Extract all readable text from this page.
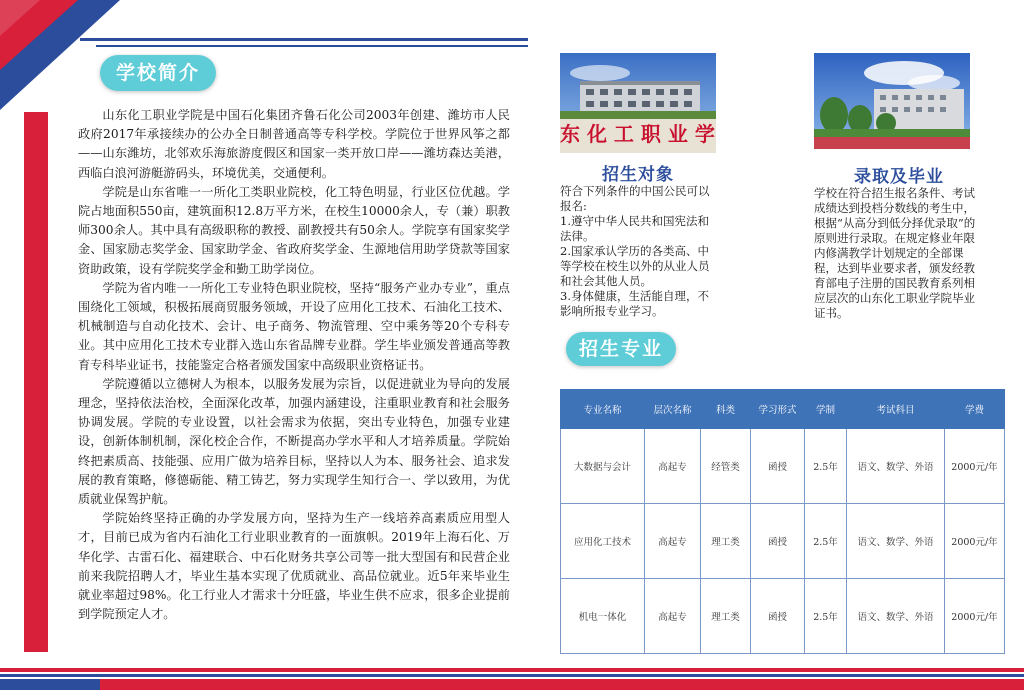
学校简介

山东化工职业学院是中国石化集团齐鲁石化公司2003年创建、潍坊市人民政府2017年承接续办的公办全日制普通高等专科学校。学院位于世界风筝之都——山东潍坊，北邻欢乐海旅游度假区和国家一类开放口岸——潍坊森达美港，西临白浪河游艇游码头，环境优美，交通便利。

学院是山东省唯一一所化工类职业院校，化工特色明显，行业区位优越。学院占地面积550亩，建筑面积12.8万平方米，在校生10000余人，专（兼）职教师300余人。其中具有高级职称的教授、副教授共有50余人。学院享有国家奖学金、国家励志奖学金、国家助学金、省政府奖学金、生源地信用助学贷款等国家资助政策，设有学院奖学金和勤工助学岗位。

学院为省内唯一一所化工专业特色职业院校，坚持“服务产业办专业”，重点围绕化工领域，积极拓展商贸服务领域，开设了应用化工技术、石油化工技术、机械制造与自动化技术、会计、电子商务、物流管理、空中乘务等20个专科专业。其中应用化工技术专业群入选山东省品牌专业群。学生毕业颁发普通高等教育专科毕业证书，技能鉴定合格者颁发国家中高级职业资格证书。

学院遵循以立德树人为根本，以服务发展为宗旨，以促进就业为导向的发展理念，坚持依法治校，全面深化改革，加强内涵建设，注重职业教育和社会服务协调发展。学院的专业设置，以社会需求为依据，突出专业特色，加强专业建设，创新体制机制，深化校企合作，不断提高办学水平和人才培养质量。学院始终把素质高、技能强、应用广做为培养目标，坚持以人为本、服务社会、追求发展的教育策略，修德砺能、精工铸艺，努力实现学生知行合一、学以致用，为优质就业保驾护航。

学院始终坚持正确的办学发展方向，坚持为生产一线培养高素质应用型人才，目前已成为省内石油化工行业职业教育的一面旗帜。2019年上海石化、万华化学、古雷石化、福建联合、中石化财务共享公司等一批大型国有和民营企业前来我院招聘人才，毕业生基本实现了优质就业、高品位就业。近5年来毕业生就业率超过98%。化工行业人才需求十分旺盛，毕业生供不应求，很多企业提前到学院预定人才。

东 化 工 职 业 学
招生对象
符合下列条件的中国公民可以报名:
1.遵守中华人民共和国宪法和法律。
2.国家承认学历的各类高、中等学校在校生以外的从业人员和社会其他人员。
3.身体健康，生活能自理，不影响所报专业学习。
录取及毕业
学校在符合招生报名条件、考试成绩达到投档分数线的考生中，根据“从高分到低分择优录取”的原则进行录取。在规定修业年限内修满教学计划规定的全部课程，达到毕业要求者，颁发经教育部电子注册的国民教育系列相应层次的山东化工职业学院毕业证书。
招生专业
专业名称	层次名称	科类	学习形式	学制	考试科目	学费
大数据与会计	高起专	经管类	函授	2.5年	语文、数学、外语	2000元/年
应用化工技术	高起专	理工类	函授	2.5年	语文、数学、外语	2000元/年
机电一体化	高起专	理工类	函授	2.5年	语文、数学、外语	2000元/年
